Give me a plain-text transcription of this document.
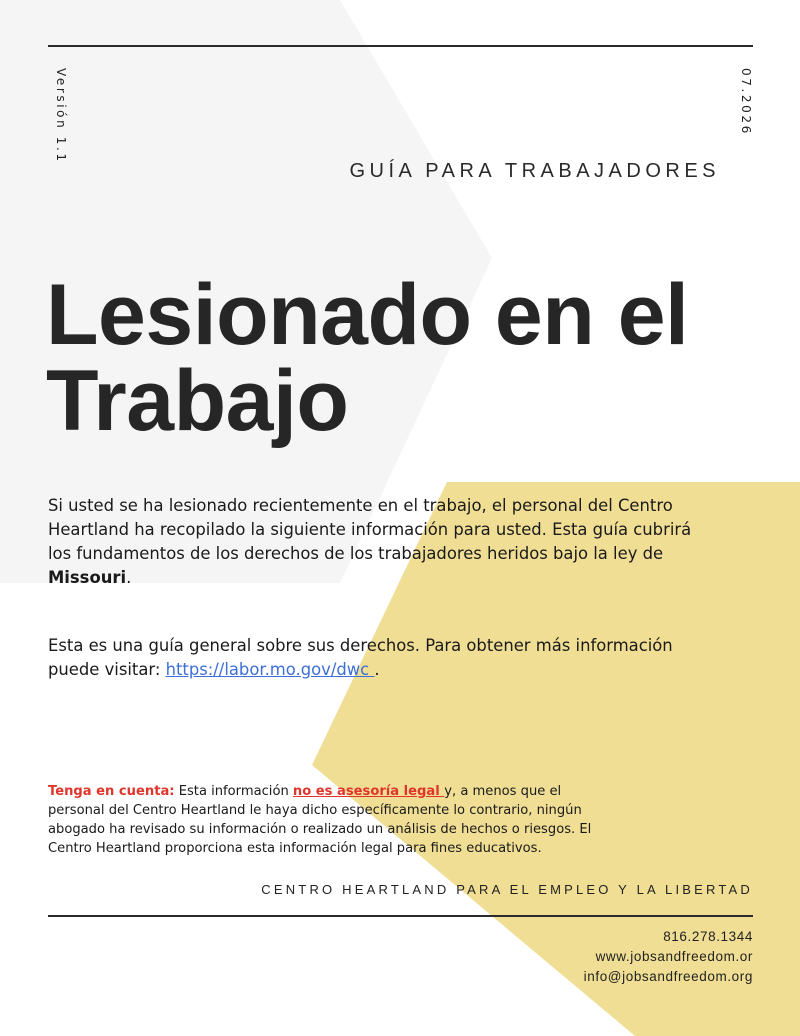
Versión 1.1	07.2026
GUÍA PARA TRABAJADORES
Lesionado en el
Trabajo

Si usted se ha lesionado recientemente en el trabajo, el personal del Centro Heartland ha recopilado la siguiente información para usted. Esta guía cubrirá los fundamentos de los derechos de los trabajadores heridos bajo la ley de Missouri.

Esta es una guía general sobre sus derechos. Para obtener más información puede visitar: https://labor.mo.gov/dwc .

Tenga en cuenta: Esta información no es asesoría legal y, a menos que el personal del Centro Heartland le haya dicho específicamente lo contrario, ningún abogado ha revisado su información o realizado un análisis de hechos o riesgos. El Centro Heartland proporciona esta información legal para fines educativos.

CENTRO HEARTLAND PARA EL EMPLEO Y LA LIBERTAD
816.278.1344
www.jobsandfreedom.or
info@jobsandfreedom.org
